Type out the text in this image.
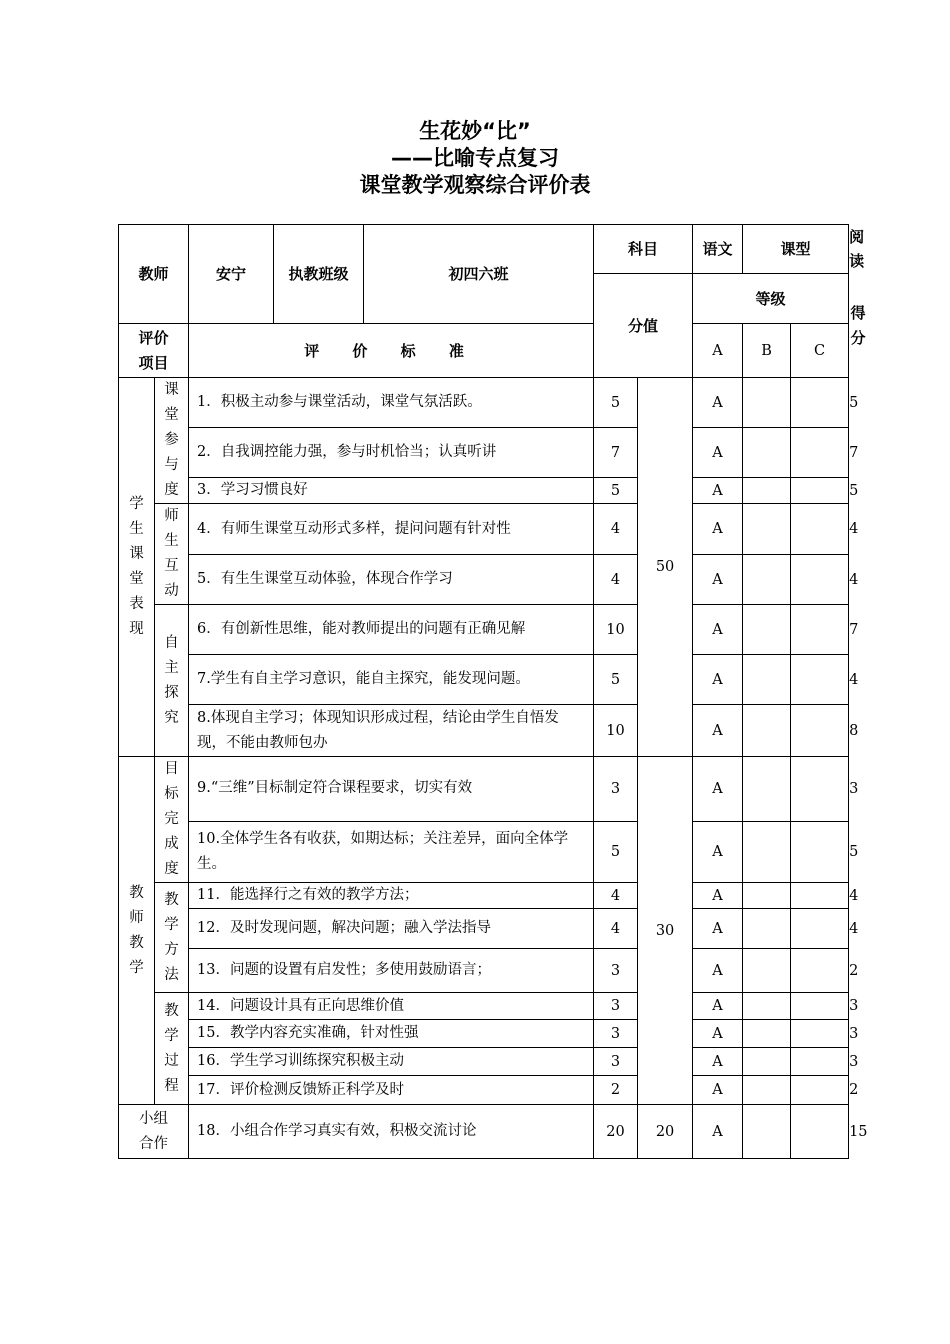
生花妙“比”
——比喻专点复习
课堂教学观察综合评价表
教师		安宁	执教班级	初四六班	科目		语文	课型		阅读
					分值		等级			得分
评价项目		评 价 标 准					A	B	C	

学生课堂表现	课堂参与度	1．积极主动参与课堂活动，课堂气氛活跃。			5	50	A			5
		2．自我调控能力强，参与时机恰当；认真听讲			7		A			7
		3．学习习惯良好			5		A			5
	师生互动	4．有师生课堂互动形式多样，提问问题有针对性			4		A			4
		5．有生生课堂互动体验，体现合作学习			4		A			4
	自主探究	6．有创新性思维，能对教师提出的问题有正确见解			10		A			7
		7.学生有自主学习意识，能自主探究，能发现问题。			5		A			4
		8.体现自主学习；体现知识形成过程，结论由学生自悟发现，不能由教师包办			10		A			8
教师教学	目标完成度	9.“三维”目标制定符合课程要求，切实有效			3	30	A			3
		10.全体学生各有收获，如期达标；关注差异，面向全体学生。			5		A			5
	教学方法	11．能选择行之有效的教学方法；			4		A			4
		12．及时发现问题，解决问题；融入学法指导			4		A			4
		13．问题的设置有启发性；多使用鼓励语言；			3		A			2
	教学过程	14．问题设计具有正向思维价值			3		A			3
		15．教学内容充实准确，针对性强			3		A			3
		16．学生学习训练探究积极主动			3		A			3
		17．评价检测反馈矫正科学及时			2		A			2
小组合作		18．小组合作学习真实有效，积极交流讨论			20	20	A			15
